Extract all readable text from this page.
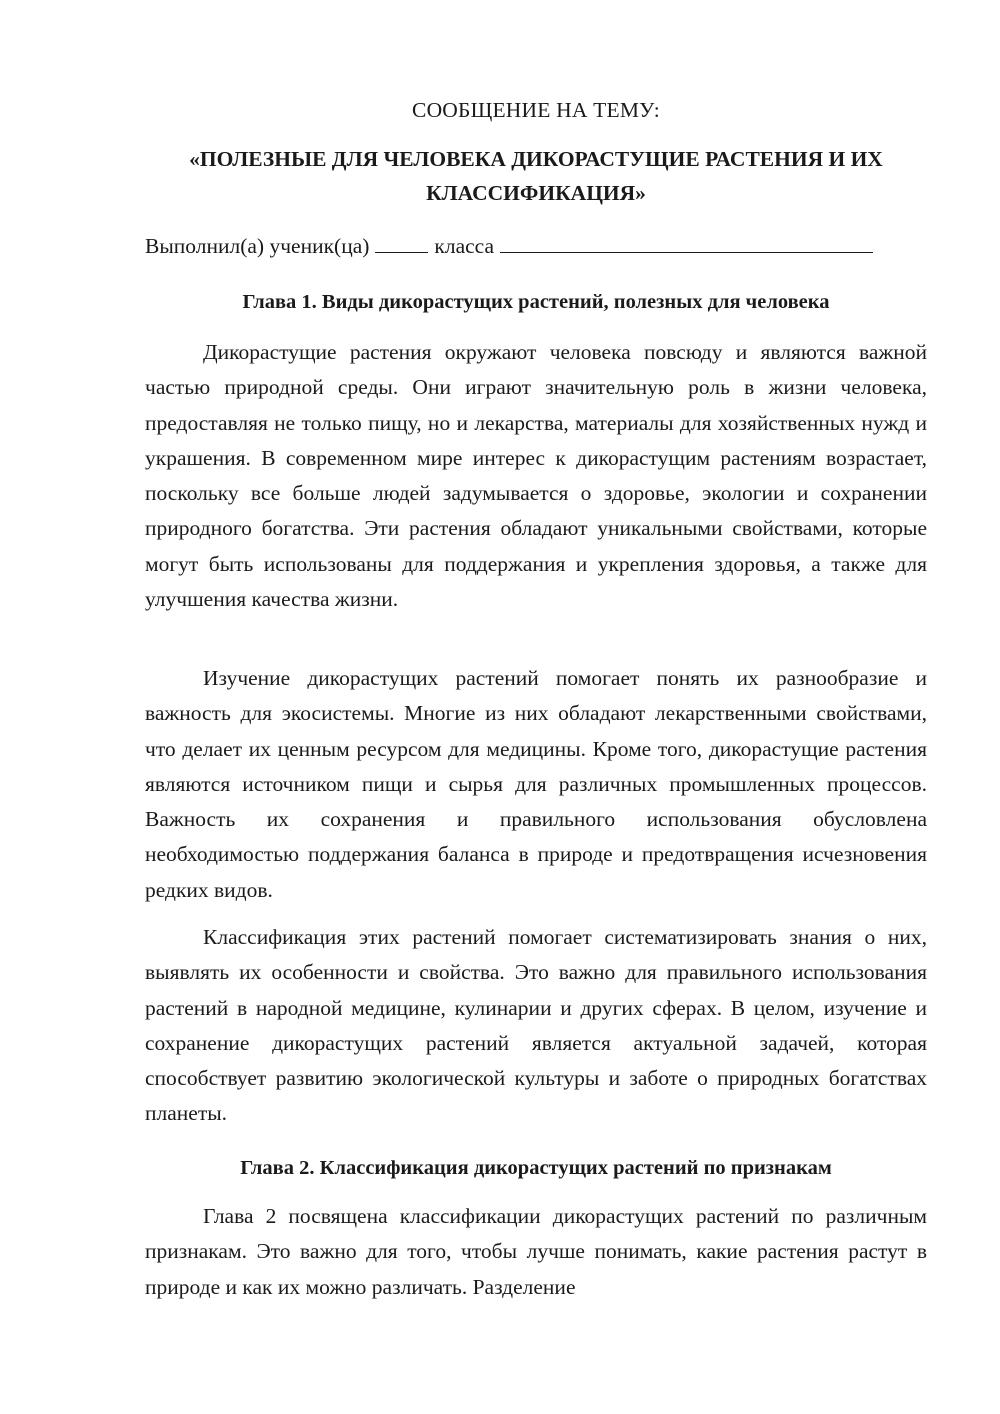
СООБЩЕНИЕ НА ТЕМУ:
«ПОЛЕЗНЫЕ ДЛЯ ЧЕЛОВЕКА ДИКОРАСТУЩИЕ РАСТЕНИЯ И ИХ КЛАССИФИКАЦИЯ»
Выполнил(а) ученик(ца)	класса
Глава 1. Виды дикорастущих растений, полезных для человека

Дикорастущие растения окружают человека повсюду и являются важной частью природной среды. Они играют значительную роль в жизни человека, предоставляя не только пищу, но и лекарства, материалы для хозяйственных нужд и украшения. В современном мире интерес к дикорастущим растениям возрастает, поскольку все больше людей задумывается о здоровье, экологии и сохранении природного богатства. Эти растения обладают уникальными свойствами, которые могут быть использованы для поддержания и укрепления здоровья, а также для улучшения качества жизни.

Изучение дикорастущих растений помогает понять их разнообразие и важность для экосистемы. Многие из них обладают лекарственными свойствами, что делает их ценным ресурсом для медицины. Кроме того, дикорастущие растения являются источником пищи и сырья для различных промышленных процессов. Важность их сохранения и правильного использования обусловлена необходимостью поддержания баланса в природе и предотвращения исчезновения редких видов.

Классификация этих растений помогает систематизировать знания о них, выявлять их особенности и свойства. Это важно для правильного использования растений в народной медицине, кулинарии и других сферах. В целом, изучение и сохранение дикорастущих растений является актуальной задачей, которая способствует развитию экологической культуры и заботе о природных богатствах планеты.

Глава 2. Классификация дикорастущих растений по признакам

Глава 2 посвящена классификации дикорастущих растений по различным признакам. Это важно для того, чтобы лучше понимать, какие растения растут в природе и как их можно различать. Разделение
